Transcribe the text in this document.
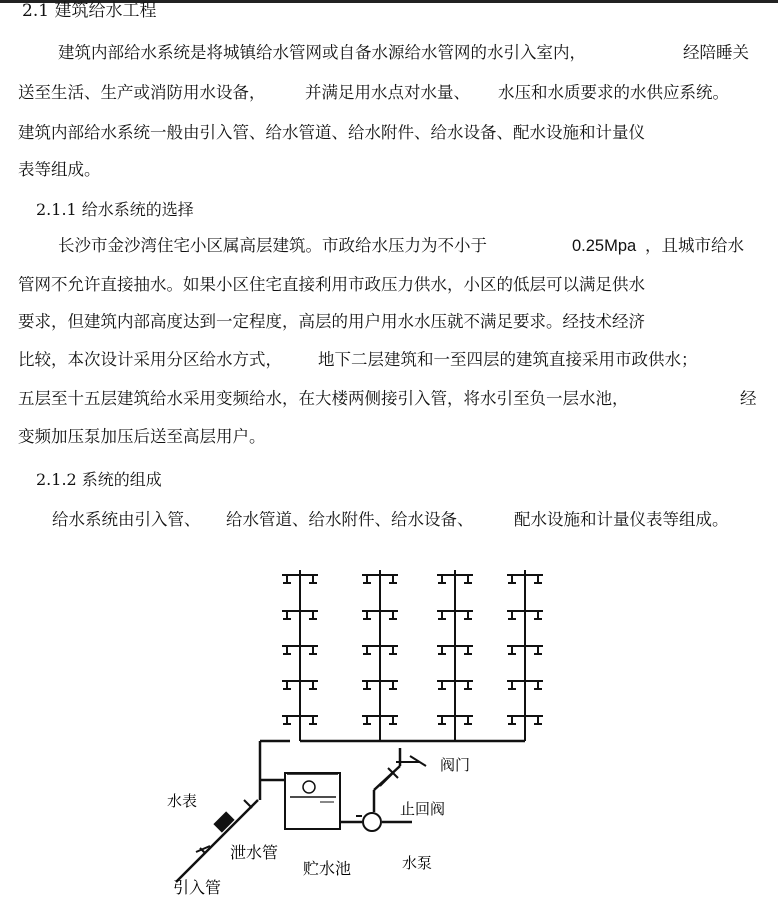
2.1 建筑给水工程
建筑内部给水系统是将城镇给水管网或自备水源给水管网的水引入室内，	经陪睡关
送至生活、生产或消防用水设备， 并满足用水点对水量、 水压和水质要求的水供应系统。
建筑内部给水系统一般由引入管、给水管道、给水附件、给水设备、配水设施和计量仪
表等组成。
2.1.1 给水系统的选择
长沙市金沙湾住宅小区属高层建筑。市政给水压力为不小于	0.25Mpa ，且城市给水
管网不允许直接抽水。如果小区住宅直接利用市政压力供水，小区的低层可以满足供水
要求，但建筑内部高度达到一定程度，高层的用户用水水压就不满足要求。经技术经济
比较，本次设计采用分区给水方式， 地下二层建筑和一至四层的建筑直接采用市政供水；
五层至十五层建筑给水采用变频给水，在大楼两侧接引入管，将水引至负一层水池，	经
变频加压泵加压后送至高层用户。
2.1.2 系统的组成
给水系统由引入管、 给水管道、给水附件、给水设备、 配水设施和计量仪表等组成。
阀门
止回阀
水表
泄水管
贮水池	水泵
引入管
